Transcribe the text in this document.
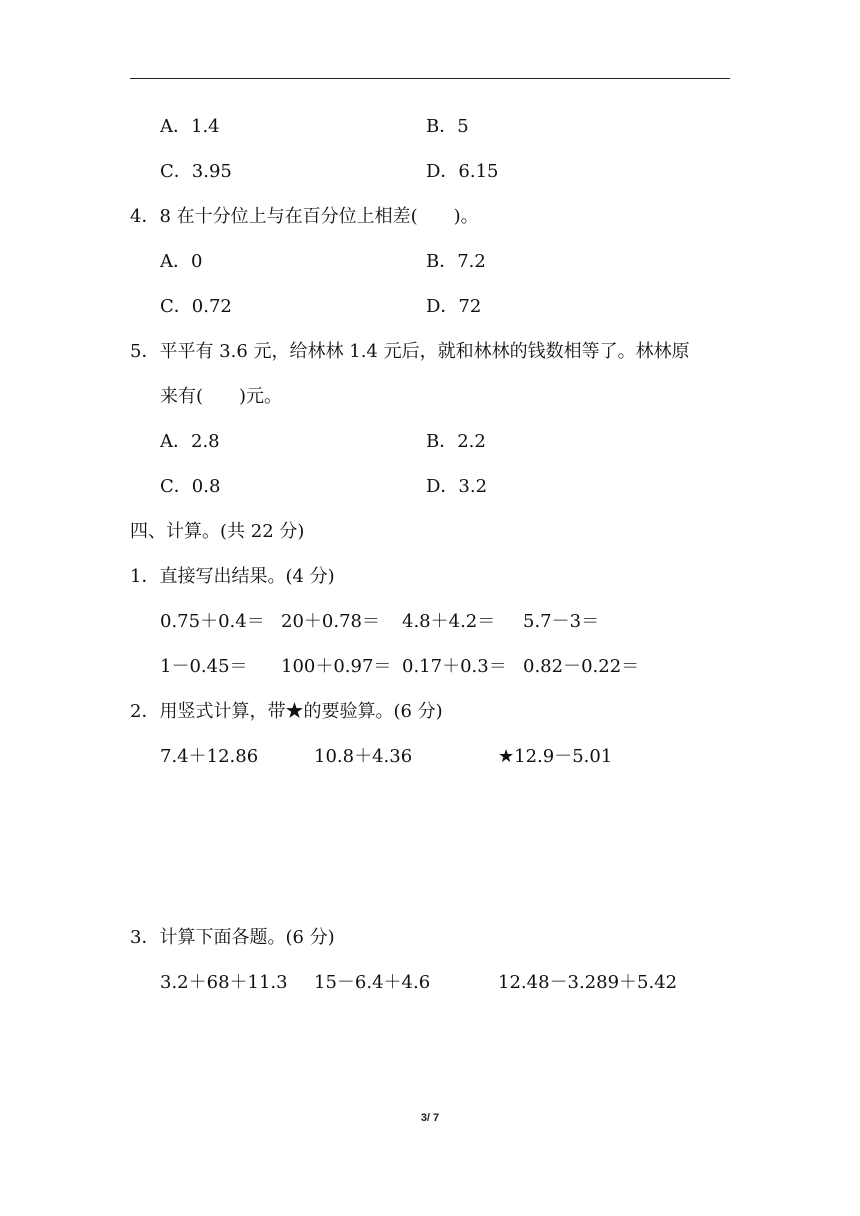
A．1.4	B．5
C．3.95	D．6.15
4．8 在十分位上与在百分位上相差(　　)。
A．0	B．7.2
C．0.72	D．72
5．平平有 3.6 元，给林林 1.4 元后，就和林林的钱数相等了。林林原
来有(　　)元。
A．2.8	B．2.2
C．0.8	D．3.2
四、计算。(共 22 分)
1．直接写出结果。(4 分)
0.75＋0.4＝ 20＋0.78＝ 4.8＋4.2＝ 5.7－3＝
1－0.45＝ 100＋0.97＝ 0.17＋0.3＝ 0.82－0.22＝
2．用竖式计算，带★的要验算。(6 分)
7.4＋12.86	10.8＋4.36	★12.9－5.01
3．计算下面各题。(6 分)
3.2＋68＋11.3 15－6.4＋4.6	12.48－3.289＋5.42
3/ 7
